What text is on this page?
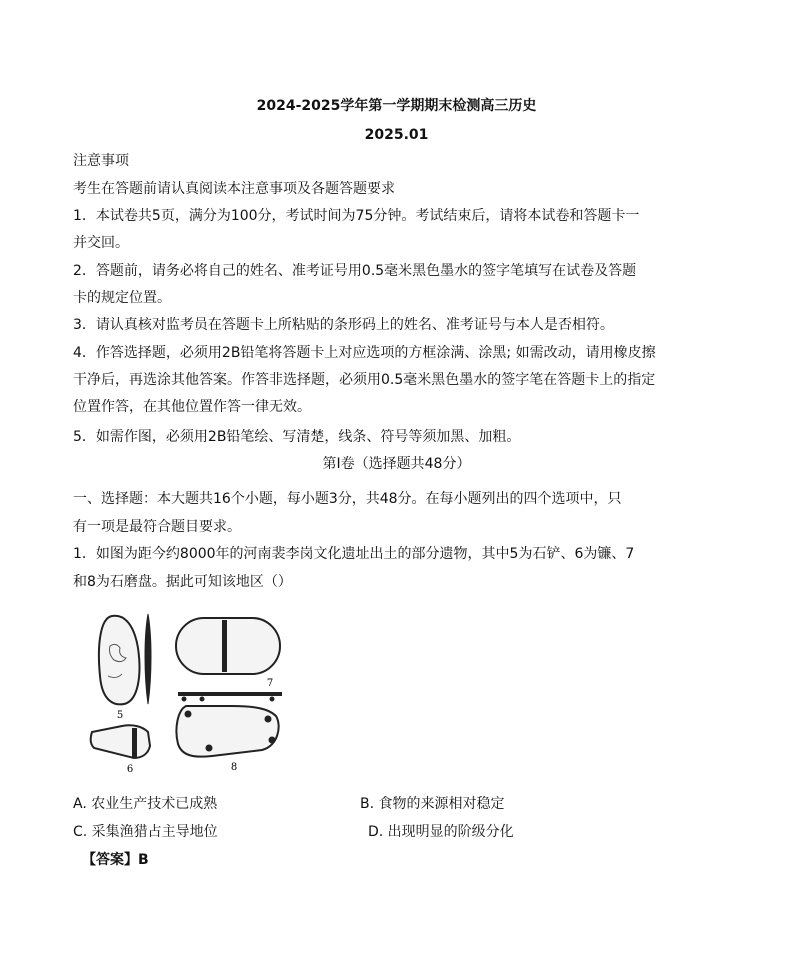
2024-2025学年第一学期期末检测高三历史
2025.01
注意事项
考生在答题前请认真阅读本注意事项及各题答题要求
1．本试卷共5页，满分为100分，考试时间为75分钟。考试结束后，请将本试卷和答题卡一
并交回。
2．答题前，请务必将自己的姓名、准考证号用0.5毫米黑色墨水的签字笔填写在试卷及答题
卡的规定位置。
3．请认真核对监考员在答题卡上所粘贴的条形码上的姓名、准考证号与本人是否相符。
4．作答选择题，必须用2B铅笔将答题卡上对应选项的方框涂满、涂黑; 如需改动，请用橡皮擦
干净后，再选涂其他答案。作答非选择题，必须用0.5毫米黑色墨水的签字笔在答题卡上的指定
位置作答，在其他位置作答一律无效。
5．如需作图，必须用2B铅笔绘、写清楚，线条、符号等须加黑、加粗。
第Ⅰ卷（选择题共48分）
一、选择题：本大题共16个小题，每小题3分，共48分。在每小题列出的四个选项中，只
有一项是最符合题目要求。
1．如图为距今约8000年的河南裴李岗文化遗址出土的部分遗物，其中5为石铲、6为镰、7
和8为石磨盘。据此可知该地区（）
5
7
8
6
A. 农业生产技术已成熟	B. 食物的来源相对稳定
C. 采集渔猎占主导地位	D. 出现明显的阶级分化
【答案】B
